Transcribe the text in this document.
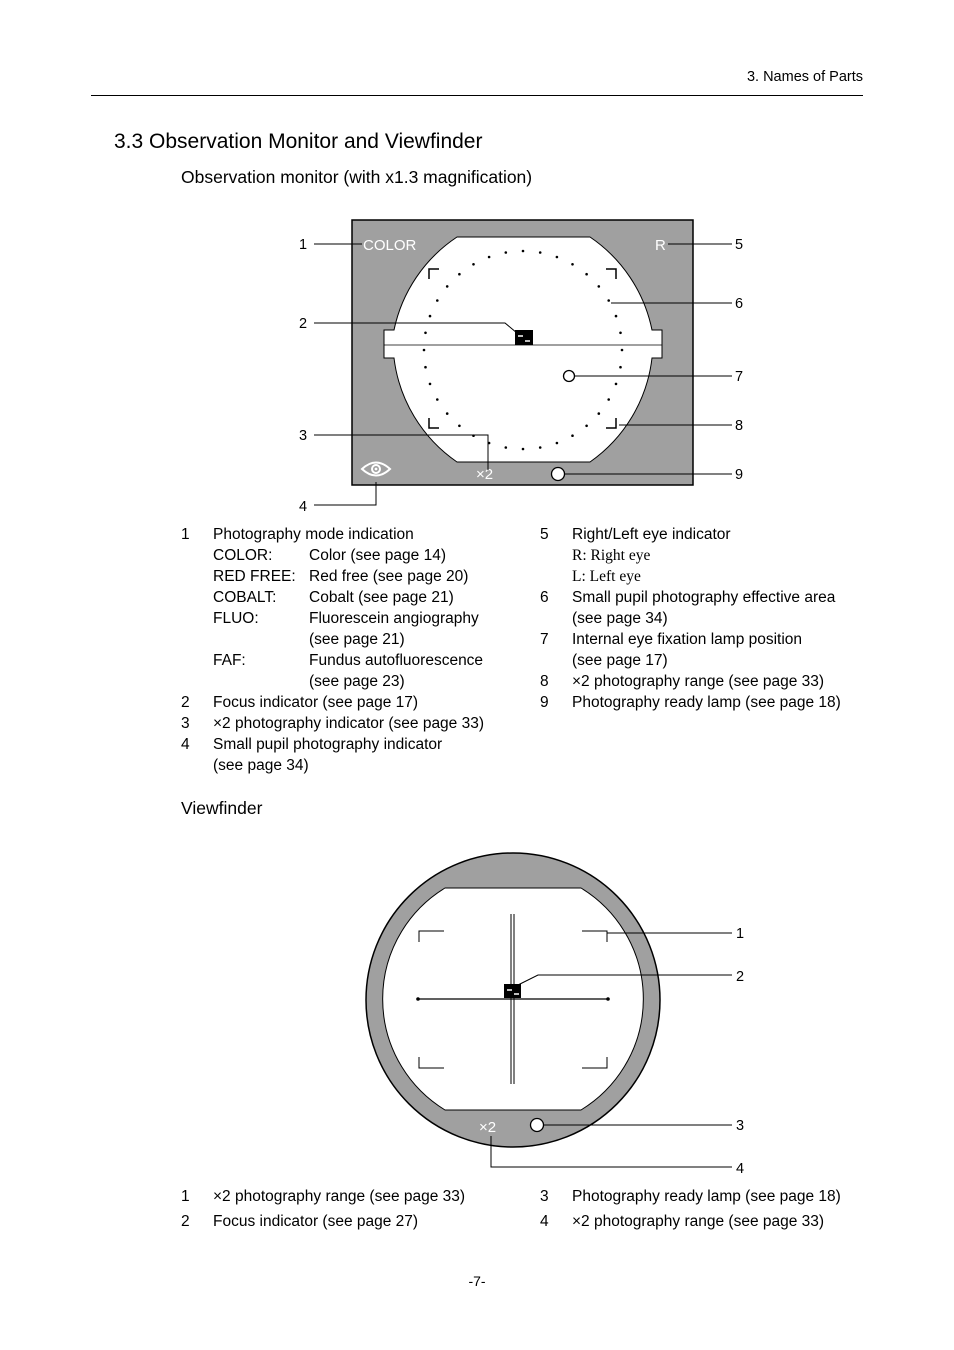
3. Names of Parts
3.3 Observation Monitor and Viewfinder
Observation monitor (with x1.3 magnification)
COLOR	R
×2
1
2
3
4
5
6
7
8
9
1 Photography mode indication
COLOR: Color (see page 14)
RED FREE: Red free (see page 20)
COBALT: Cobalt (see page 21)
FLUO:	Fluorescein angiography
(see page 21)
FAF:	Fundus autofluorescence
(see page 23)
2 Focus indicator (see page 17)
3 ×2 photography indicator (see page 33)
4 Small pupil photography indicator
(see page 34)
5 Right/Left eye indicator
R: Right eye
L: Left eye
6 Small pupil photography effective area
(see page 34)
7 Internal eye fixation lamp position
(see page 17)
8 ×2 photography range (see page 33)
9 Photography ready lamp (see page 18)
Viewfinder
×2
1
2
3
4
1 ×2 photography range (see page 33)
2 Focus indicator (see page 27)
3 Photography ready lamp (see page 18)
4 ×2 photography range (see page 33)
-7-
